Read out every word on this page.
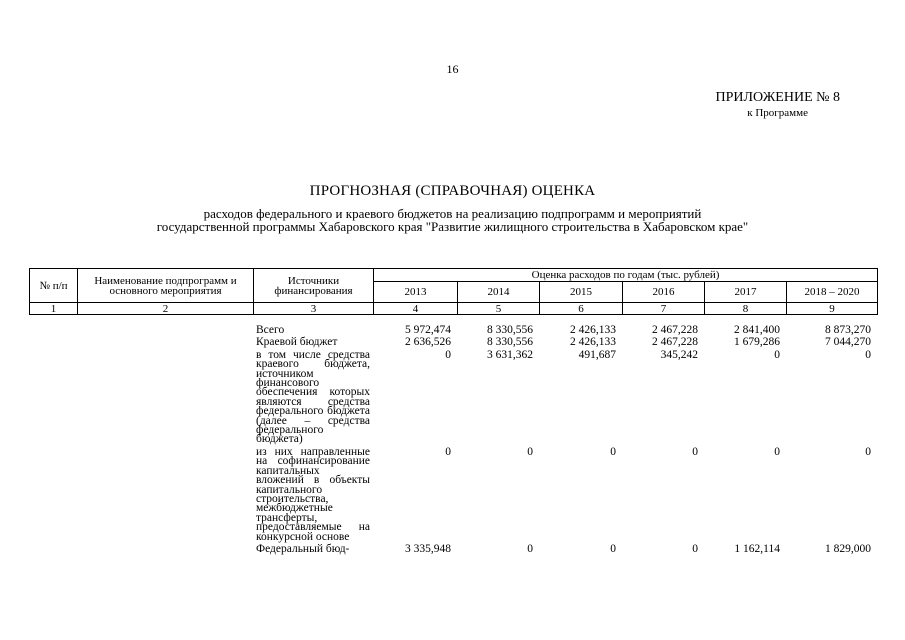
16
ПРИЛОЖЕНИЕ № 8
к Программе
ПРОГНОЗНАЯ (СПРАВОЧНАЯ) ОЦЕНКА
расходов федерального и краевого бюджетов на реализацию подпрограмм и мероприятий
государственной программы Хабаровского края "Развитие жилищного строительства в Хабаровском крае"
№ п/п	Наименование подпрограмм и основного мероприятия	Источники финансирования	Оценка расходов по годам (тыс. рублей)					
			2013	2014	2015	2016	2017	2018 – 2020
1	2	3	4	5	6	7	8	9
		Всего	5 972,474	8 330,556	2 426,133	2 467,228	2 841,400	8 873,270
		Краевой бюджет	2 636,526	8 330,556	2 426,133	2 467,228	1 679,286	7 044,270
		в том числе средства краевого бюджета, источником финансового обеспечения которых являются средства федерального бюджета (далее – средства федерального бюджета)	0	3 631,362	491,687	345,242	0	0
		из них направленные на софинансирование капитальных вложений в объекты капитального строительства, межбюджетные трансферты, предоставляемые на конкурсной основе	0	0	0	0	0	0
		Федеральный бюд-	3 335,948	0	0	0	1 162,114	1 829,000
